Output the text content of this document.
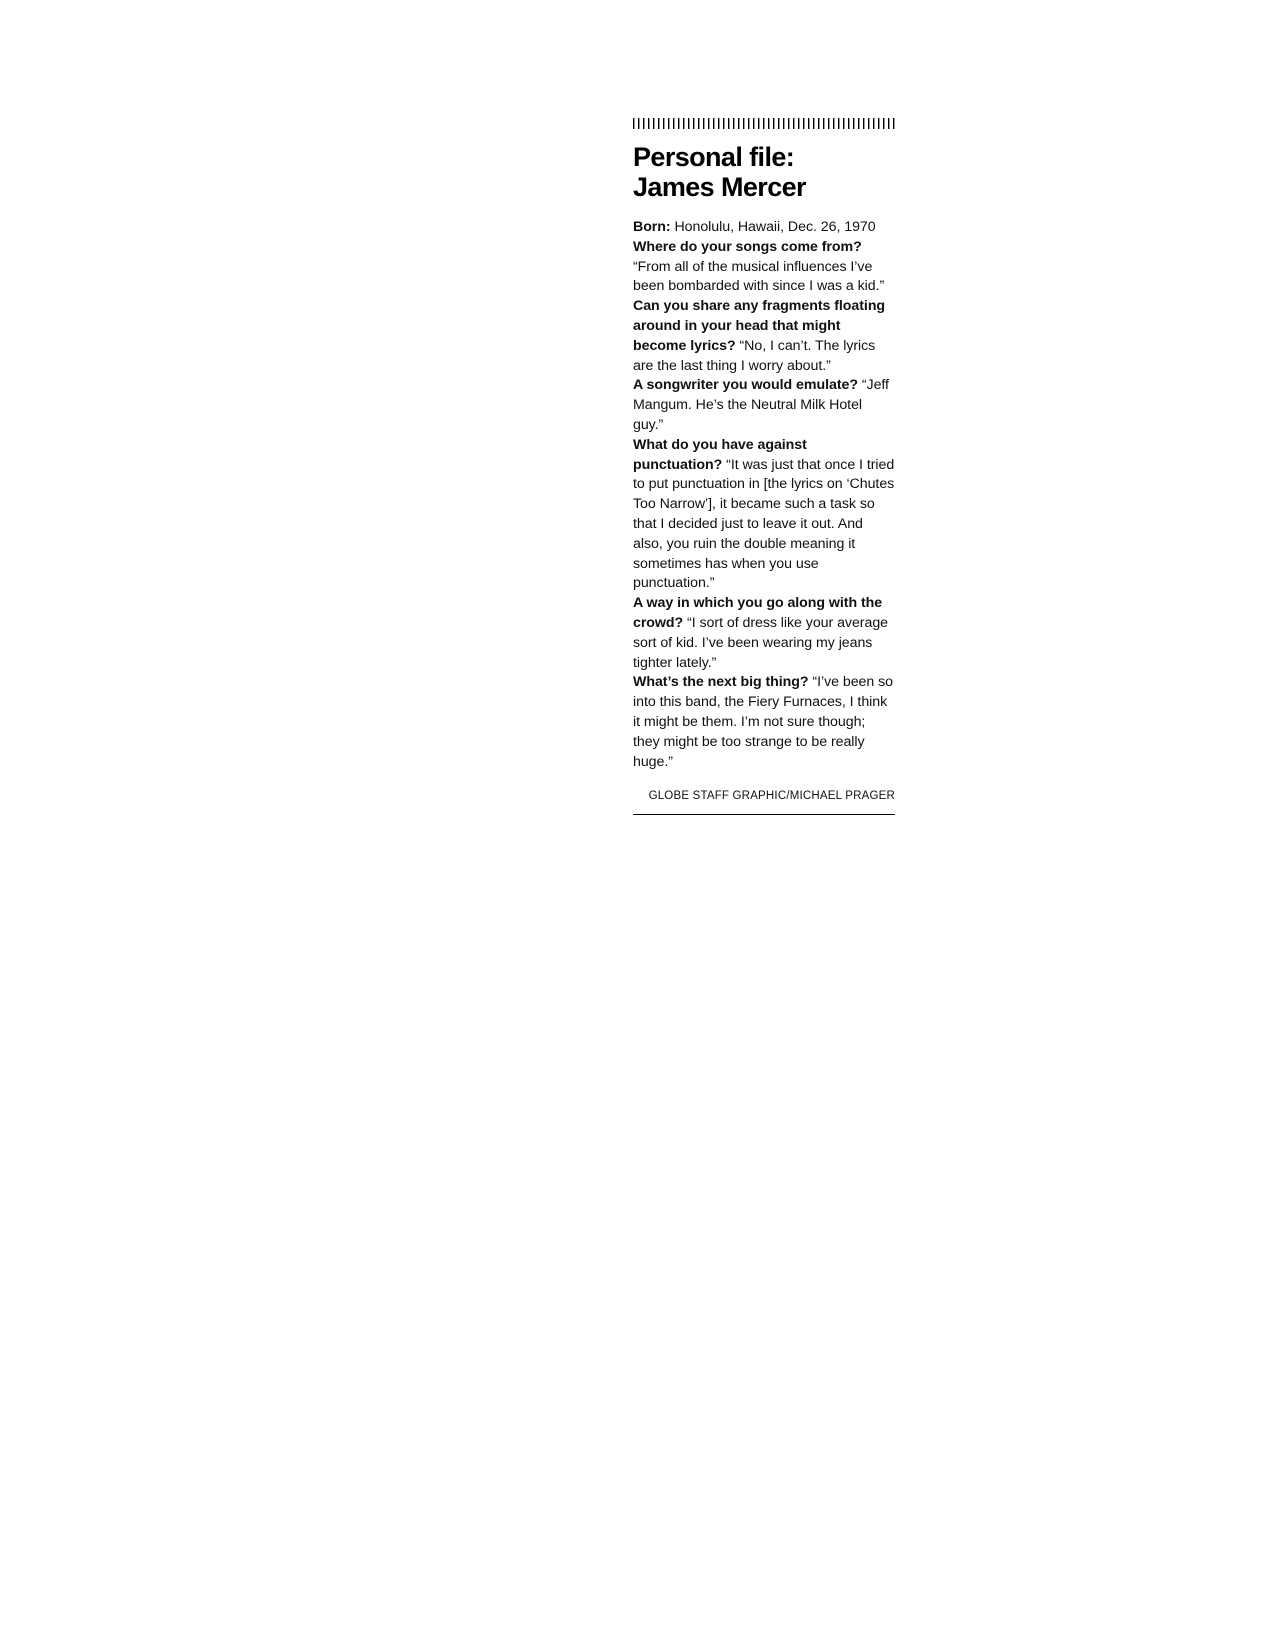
Personal file:
James Mercer

Born: Honolulu, Hawaii, Dec. 26, 1970

Where do your songs come from? “From all of the musical influences I’ve been bombarded with since I was a kid.”

Can you share any fragments floating around in your head that might become lyrics? “No, I can’t. The lyrics are the last thing I worry about.”

A songwriter you would emulate? “Jeff Mangum. He’s the Neutral Milk Hotel guy.”

What do you have against punctuation? “It was just that once I tried to put punctuation in [the lyrics on ‘Chutes Too Narrow’], it became such a task so that I decided just to leave it out. And also, you ruin the double meaning it sometimes has when you use punctuation.”

A way in which you go along with the crowd? “I sort of dress like your average sort of kid. I’ve been wearing my jeans tighter lately.”

What’s the next big thing? “I’ve been so into this band, the Fiery Furnaces, I think it might be them. I’m not sure though; they might be too strange to be really huge.”

GLOBE STAFF GRAPHIC/MICHAEL PRAGER
